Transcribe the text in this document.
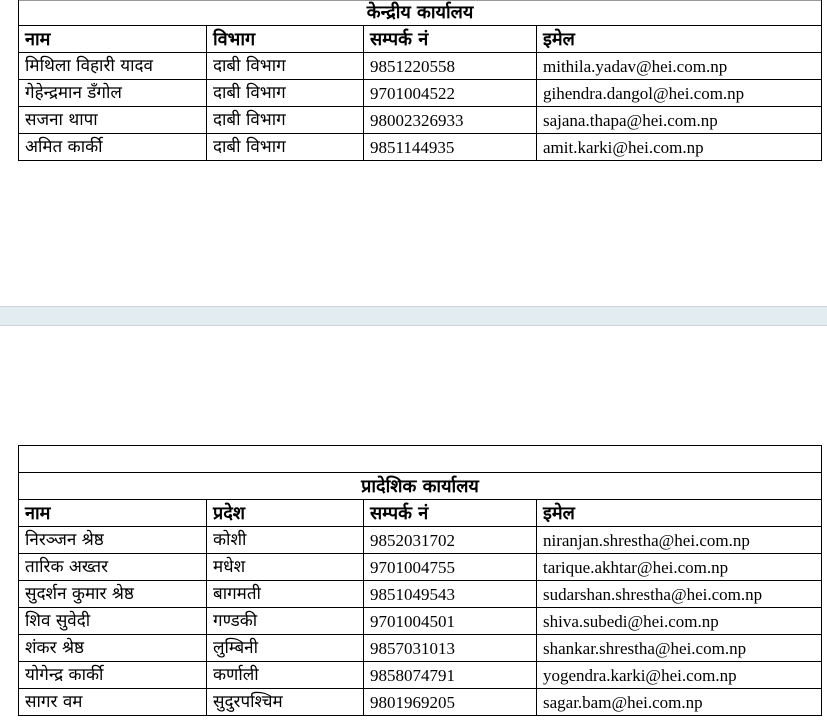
केन्द्रीय कार्यालय			
नाम	विभाग	सम्पर्क नं	इमेल
मिथिला विहारी यादव	दाबी विभाग	9851220558	mithila.yadav@hei.com.np
गेहेन्द्रमान डँगोल	दाबी विभाग	9701004522	gihendra.dangol@hei.com.np
सजना थापा	दाबी विभाग	98002326933	sajana.thapa@hei.com.np
अमित कार्की	दाबी विभाग	9851144935	amit.karki@hei.com.np

प्रादेशिक कार्यालय			
नाम	प्रदेश	सम्पर्क नं	इमेल
निरञ्जन श्रेष्ठ	कोशी	9852031702	niranjan.shrestha@hei.com.np
तारिक अख्तर	मधेश	9701004755	tarique.akhtar@hei.com.np
सुदर्शन कुमार श्रेष्ठ	बागमती	9851049543	sudarshan.shrestha@hei.com.np
शिव सुवेदी	गण्डकी	9701004501	shiva.subedi@hei.com.np
शंकर श्रेष्ठ	लुम्बिनी	9857031013	shankar.shrestha@hei.com.np
योगेन्द्र कार्की	कर्णाली	9858074791	yogendra.karki@hei.com.np
सागर वम	सुदुरपश्चिम	9801969205	sagar.bam@hei.com.np
